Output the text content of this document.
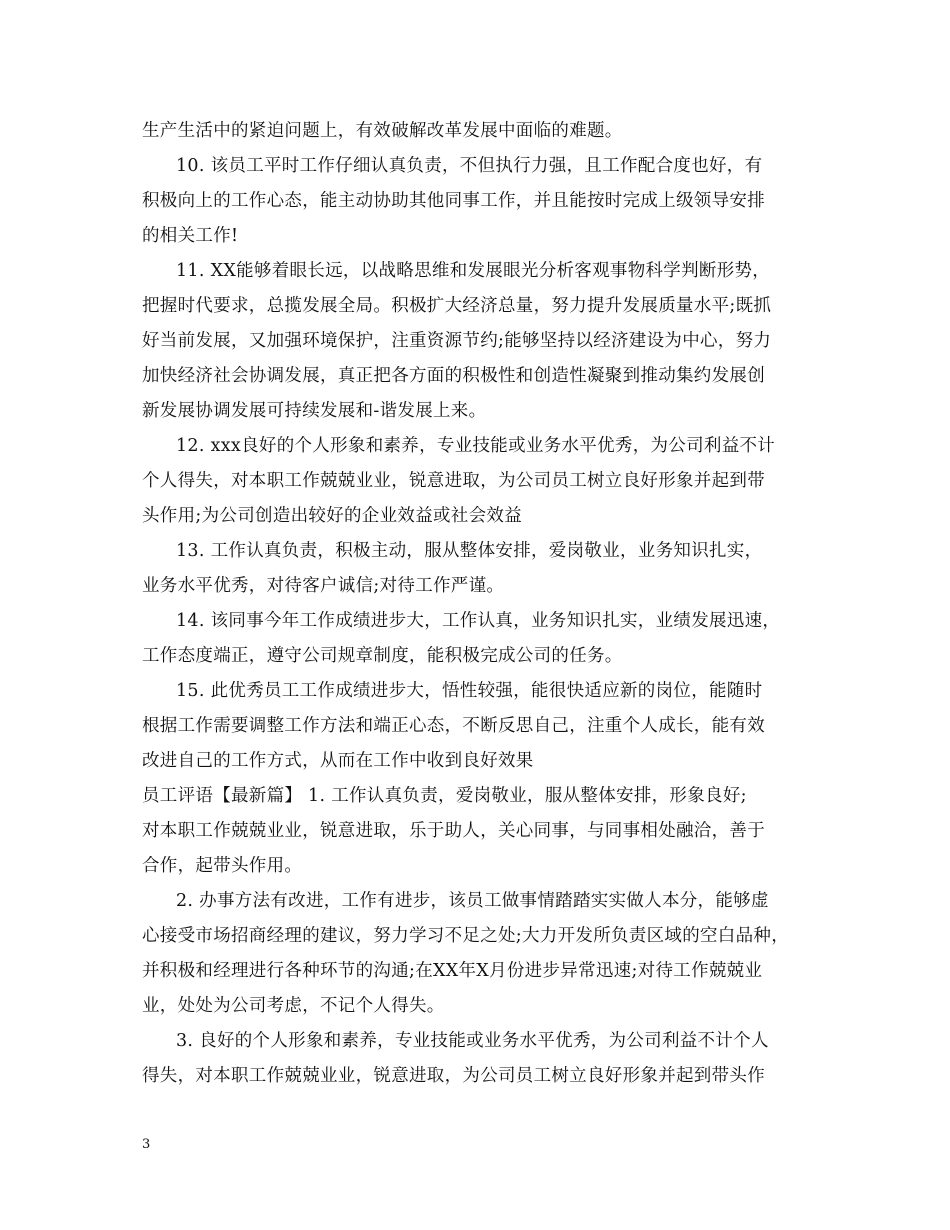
生产生活中的紧迫问题上，有效破解改革发展中面临的难题。
10. 该员工平时工作仔细认真负责，不但执行力强，且工作配合度也好，有
积极向上的工作心态，能主动协助其他同事工作，并且能按时完成上级领导安排
的相关工作!
11. XX能够着眼长远，以战略思维和发展眼光分析客观事物科学判断形势，
把握时代要求，总揽发展全局。积极扩大经济总量，努力提升发展质量水平;既抓
好当前发展，又加强环境保护，注重资源节约;能够坚持以经济建设为中心，努力
加快经济社会协调发展，真正把各方面的积极性和创造性凝聚到推动集约发展创
新发展协调发展可持续发展和-谐发展上来。
12. xxx良好的个人形象和素养，专业技能或业务水平优秀，为公司利益不计
个人得失，对本职工作兢兢业业，锐意进取，为公司员工树立良好形象并起到带
头作用;为公司创造出较好的企业效益或社会效益
13. 工作认真负责，积极主动，服从整体安排，爱岗敬业，业务知识扎实，
业务水平优秀，对待客户诚信;对待工作严谨。
14. 该同事今年工作成绩进步大，工作认真，业务知识扎实，业绩发展迅速，
工作态度端正，遵守公司规章制度，能积极完成公司的任务。
15. 此优秀员工工作成绩进步大，悟性较强，能很快适应新的岗位，能随时
根据工作需要调整工作方法和端正心态，不断反思自己，注重个人成长，能有效
改进自己的工作方式，从而在工作中收到良好效果
员工评语【最新篇】 1. 工作认真负责，爱岗敬业，服从整体安排，形象良好;
对本职工作兢兢业业，锐意进取，乐于助人，关心同事，与同事相处融洽，善于
合作，起带头作用。
2. 办事方法有改进，工作有进步，该员工做事情踏踏实实做人本分，能够虚
心接受市场招商经理的建议，努力学习不足之处;大力开发所负责区域的空白品种，
并积极和经理进行各种环节的沟通;在XX年X月份进步异常迅速;对待工作兢兢业
业，处处为公司考虑，不记个人得失。
3. 良好的个人形象和素养，专业技能或业务水平优秀，为公司利益不计个人
得失，对本职工作兢兢业业，锐意进取，为公司员工树立良好形象并起到带头作
3
